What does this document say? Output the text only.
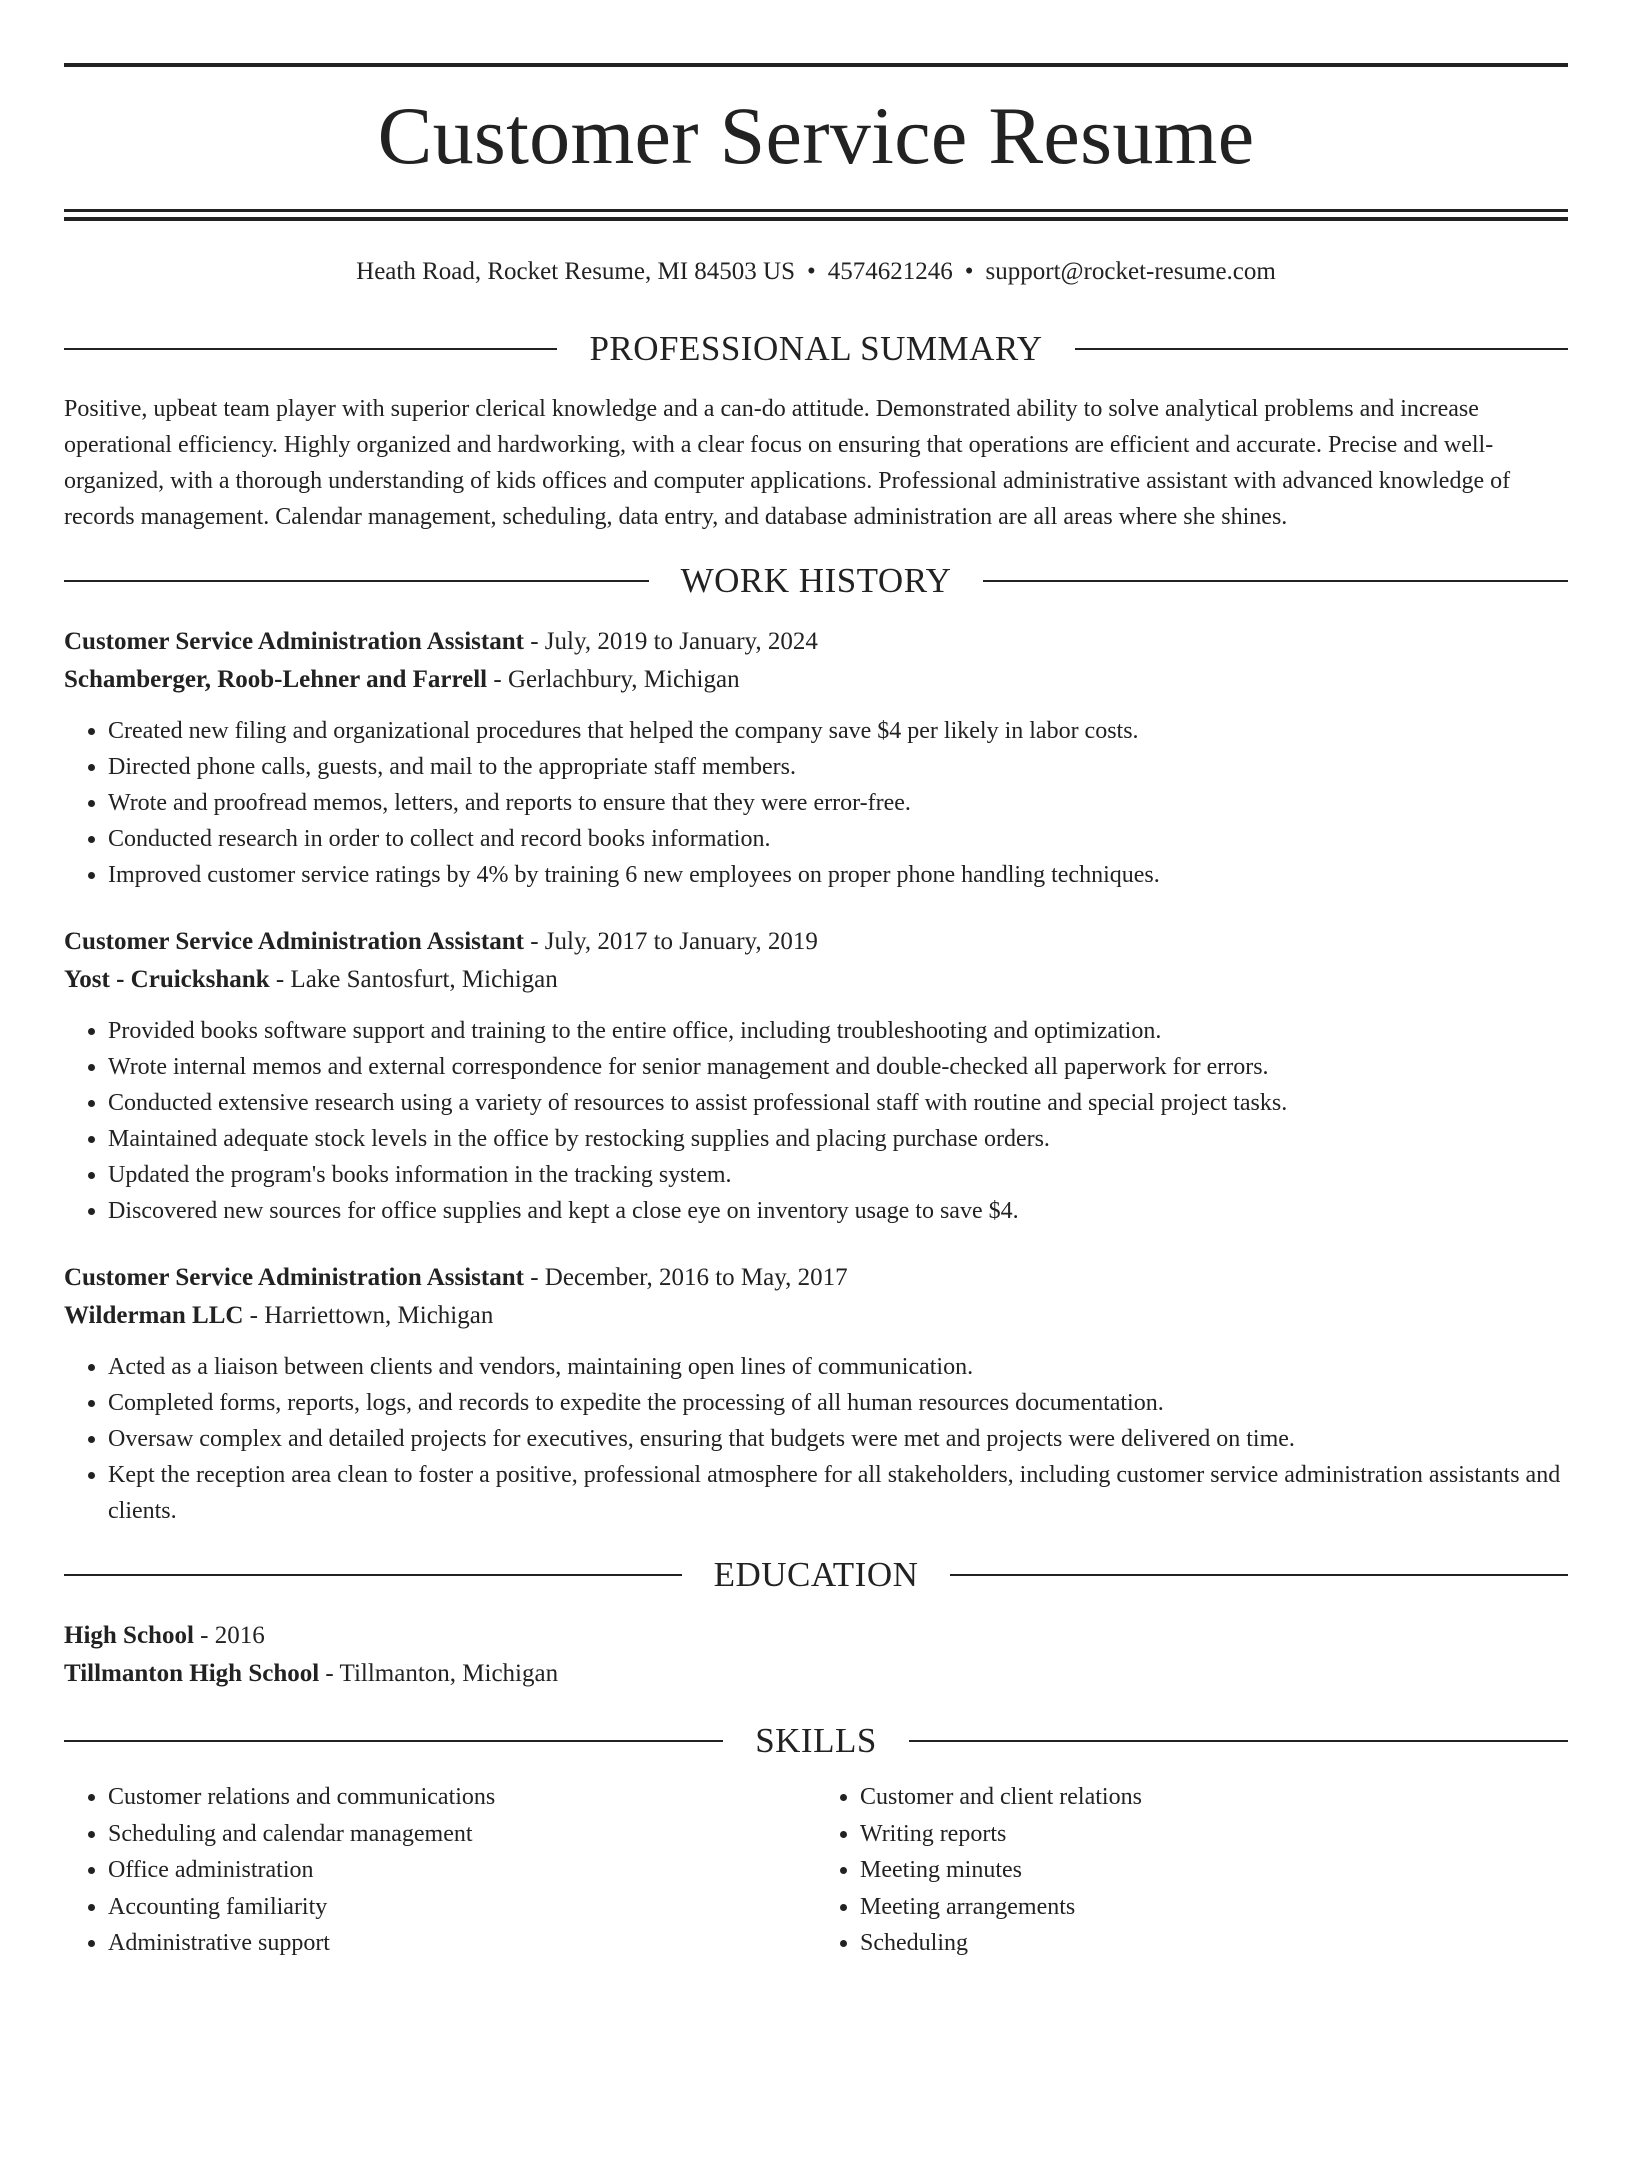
Customer Service Resume
Heath Road, Rocket Resume, MI 84503 US • 4574621246 • support@rocket-resume.com
PROFESSIONAL SUMMARY

Positive, upbeat team player with superior clerical knowledge and a can-do attitude. Demonstrated ability to solve analytical problems and increase operational efficiency. Highly organized and hardworking, with a clear focus on ensuring that operations are efficient and accurate. Precise and well-organized, with a thorough understanding of kids offices and computer applications. Professional administrative assistant with advanced knowledge of records management. Calendar management, scheduling, data entry, and database administration are all areas where she shines.

WORK HISTORY
Customer Service Administration Assistant - July, 2019 to January, 2024
Schamberger, Roob-Lehner and Farrell - Gerlachbury, Michigan
• Created new filing and organizational procedures that helped the company save $4 per likely in labor costs.
• Directed phone calls, guests, and mail to the appropriate staff members.
• Wrote and proofread memos, letters, and reports to ensure that they were error-free.
• Conducted research in order to collect and record books information.
• Improved customer service ratings by 4% by training 6 new employees on proper phone handling techniques.
Customer Service Administration Assistant - July, 2017 to January, 2019
Yost - Cruickshank - Lake Santosfurt, Michigan
• Provided books software support and training to the entire office, including troubleshooting and optimization.
• Wrote internal memos and external correspondence for senior management and double-checked all paperwork for errors.
• Conducted extensive research using a variety of resources to assist professional staff with routine and special project tasks.
• Maintained adequate stock levels in the office by restocking supplies and placing purchase orders.
• Updated the program's books information in the tracking system.
• Discovered new sources for office supplies and kept a close eye on inventory usage to save $4.
Customer Service Administration Assistant - December, 2016 to May, 2017
Wilderman LLC - Harriettown, Michigan
• Acted as a liaison between clients and vendors, maintaining open lines of communication.
• Completed forms, reports, logs, and records to expedite the processing of all human resources documentation.
• Oversaw complex and detailed projects for executives, ensuring that budgets were met and projects were delivered on time.
• Kept the reception area clean to foster a positive, professional atmosphere for all stakeholders, including customer service administration assistants and clients.
EDUCATION
High School - 2016
Tillmanton High School - Tillmanton, Michigan
SKILLS
• Customer relations and communications
• Scheduling and calendar management
• Office administration
• Accounting familiarity
• Administrative support
• Customer and client relations
• Writing reports
• Meeting minutes
• Meeting arrangements
• Scheduling
